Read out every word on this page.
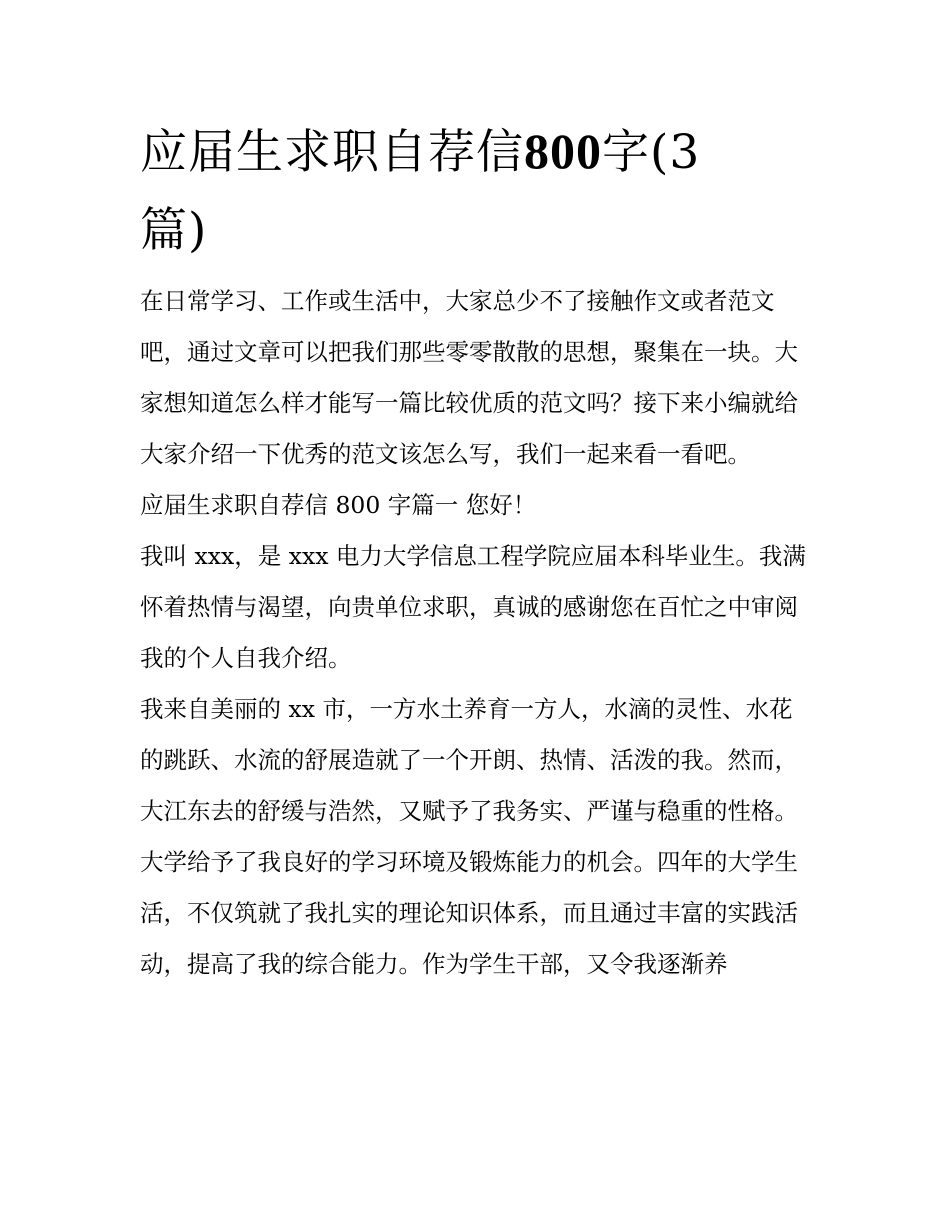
应届生求职自荐信800字(3
篇)

在日常学习、工作或生活中，大家总少不了接触作文或者范文吧，通过文章可以把我们那些零零散散的思想，聚集在一块。大家想知道怎么样才能写一篇比较优质的范文吗？接下来小编就给大家介绍一下优秀的范文该怎么写，我们一起来看一看吧。

应届生求职自荐信 800 字篇一 您好！

我叫 xxx，是 xxx 电力大学信息工程学院应届本科毕业生。我满怀着热情与渴望，向贵单位求职，真诚的感谢您在百忙之中审阅我的个人自我介绍。

我来自美丽的 xx 市，一方水土养育一方人，水滴的灵性、水花的跳跃、水流的舒展造就了一个开朗、热情、活泼的我。然而，大江东去的舒缓与浩然，又赋予了我务实、严谨与稳重的性格。

大学给予了我良好的学习环境及锻炼能力的机会。四年的大学生活，不仅筑就了我扎实的理论知识体系，而且通过丰富的实践活动，提高了我的综合能力。作为学生干部，又令我逐渐养
